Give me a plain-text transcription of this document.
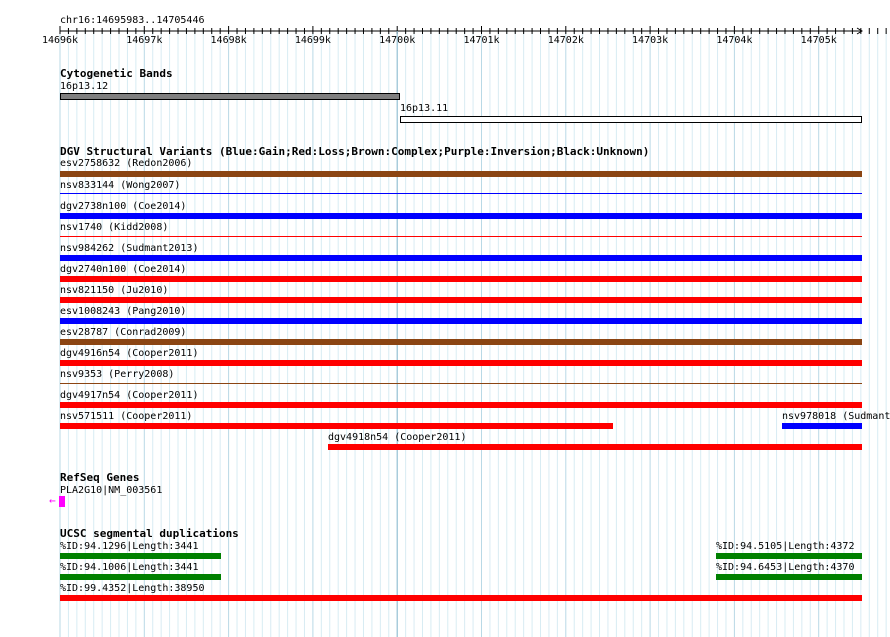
chr16:14695983..14705446
14696k	14697k	14698k	14699k	14700k	14701k	14702k	14703k	14704k	14705k
Cytogenetic Bands
16p13.12
16p13.11
DGV Structural Variants (Blue:Gain;Red:Loss;Brown:Complex;Purple:Inversion;Black:Unknown)
esv2758632 (Redon2006)
nsv833144 (Wong2007)
dgv2738n100 (Coe2014)
nsv1740 (Kidd2008)
nsv984262 (Sudmant2013)
dgv2740n100 (Coe2014)
nsv821150 (Ju2010)
esv1008243 (Pang2010)
esv28787 (Conrad2009)
dgv4916n54 (Cooper2011)
nsv9353 (Perry2008)
dgv4917n54 (Cooper2011)
nsv571511 (Cooper2011)	nsv978018 (Sudmant
dgv4918n54 (Cooper2011)
RefSeq Genes
PLA2G10|NM_003561
←
UCSC segmental duplications
%ID:94.1296|Length:3441	%ID:94.5105|Length:4372
%ID:94.1006|Length:3441	%ID:94.6453|Length:4370
%ID:99.4352|Length:38950
